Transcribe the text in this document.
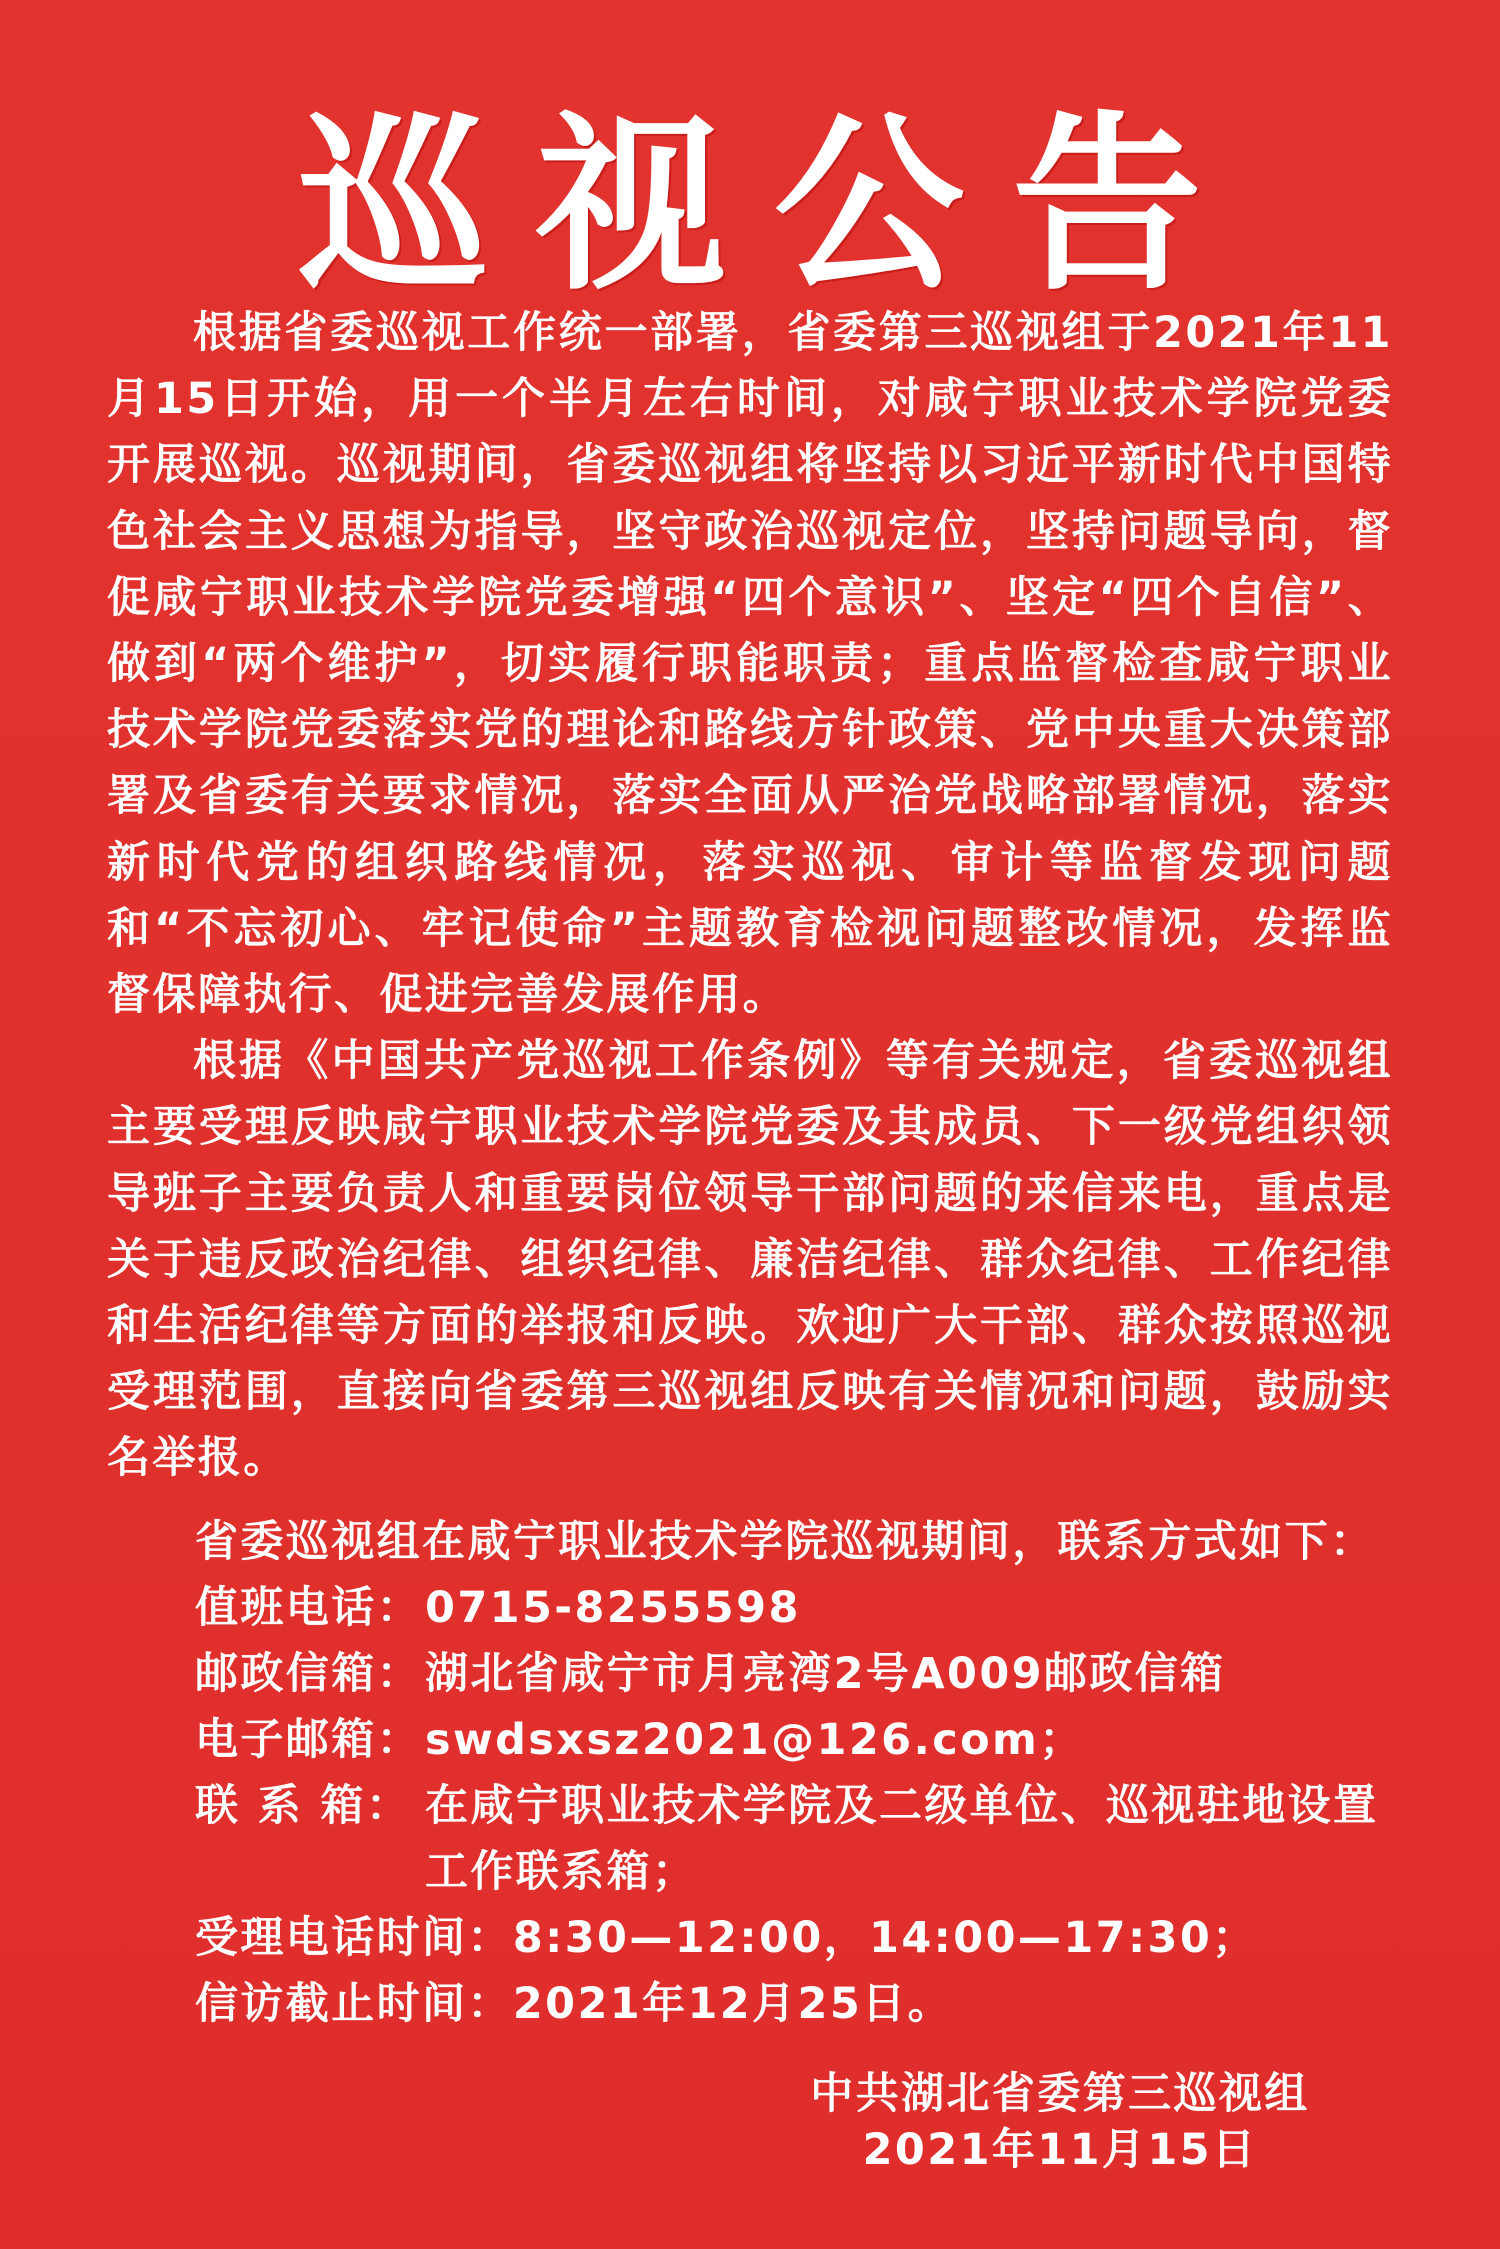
巡视公告

根据省委巡视工作统一部署，省委第三巡视组于2021年11月15日开始，用一个半月左右时间，对咸宁职业技术学院党委开展巡视。巡视期间，省委巡视组将坚持以习近平新时代中国特色社会主义思想为指导，坚守政治巡视定位，坚持问题导向，督促咸宁职业技术学院党委增强“四个意识”、坚定“四个自信”、做到“两个维护”，切实履行职能职责；重点监督检查咸宁职业技术学院党委落实党的理论和路线方针政策、党中央重大决策部署及省委有关要求情况，落实全面从严治党战略部署情况，落实新时代党的组织路线情况，落实巡视、审计等监督发现问题和“不忘初心、牢记使命”主题教育检视问题整改情况，发挥监督保障执行、促进完善发展作用。

根据《中国共产党巡视工作条例》等有关规定，省委巡视组主要受理反映咸宁职业技术学院党委及其成员、下一级党组织领导班子主要负责人和重要岗位领导干部问题的来信来电，重点是关于违反政治纪律、组织纪律、廉洁纪律、群众纪律、工作纪律和生活纪律等方面的举报和反映。欢迎广大干部、群众按照巡视受理范围，直接向省委第三巡视组反映有关情况和问题，鼓励实名举报。

省委巡视组在咸宁职业技术学院巡视期间，联系方式如下：

值班电话： 0715-8255598
邮政信箱： 湖北省咸宁市月亮湾2号A009邮政信箱
电子邮箱： swdsxsz2021@126.com；
联 系 箱： 在咸宁职业技术学院及二级单位、巡视驻地设置工作联系箱；
受理电话时间： 8:30—12:00，14:00—17:30；
信访截止时间： 2021年12月25日。
中共湖北省委第三巡视组
2021年11月15日
